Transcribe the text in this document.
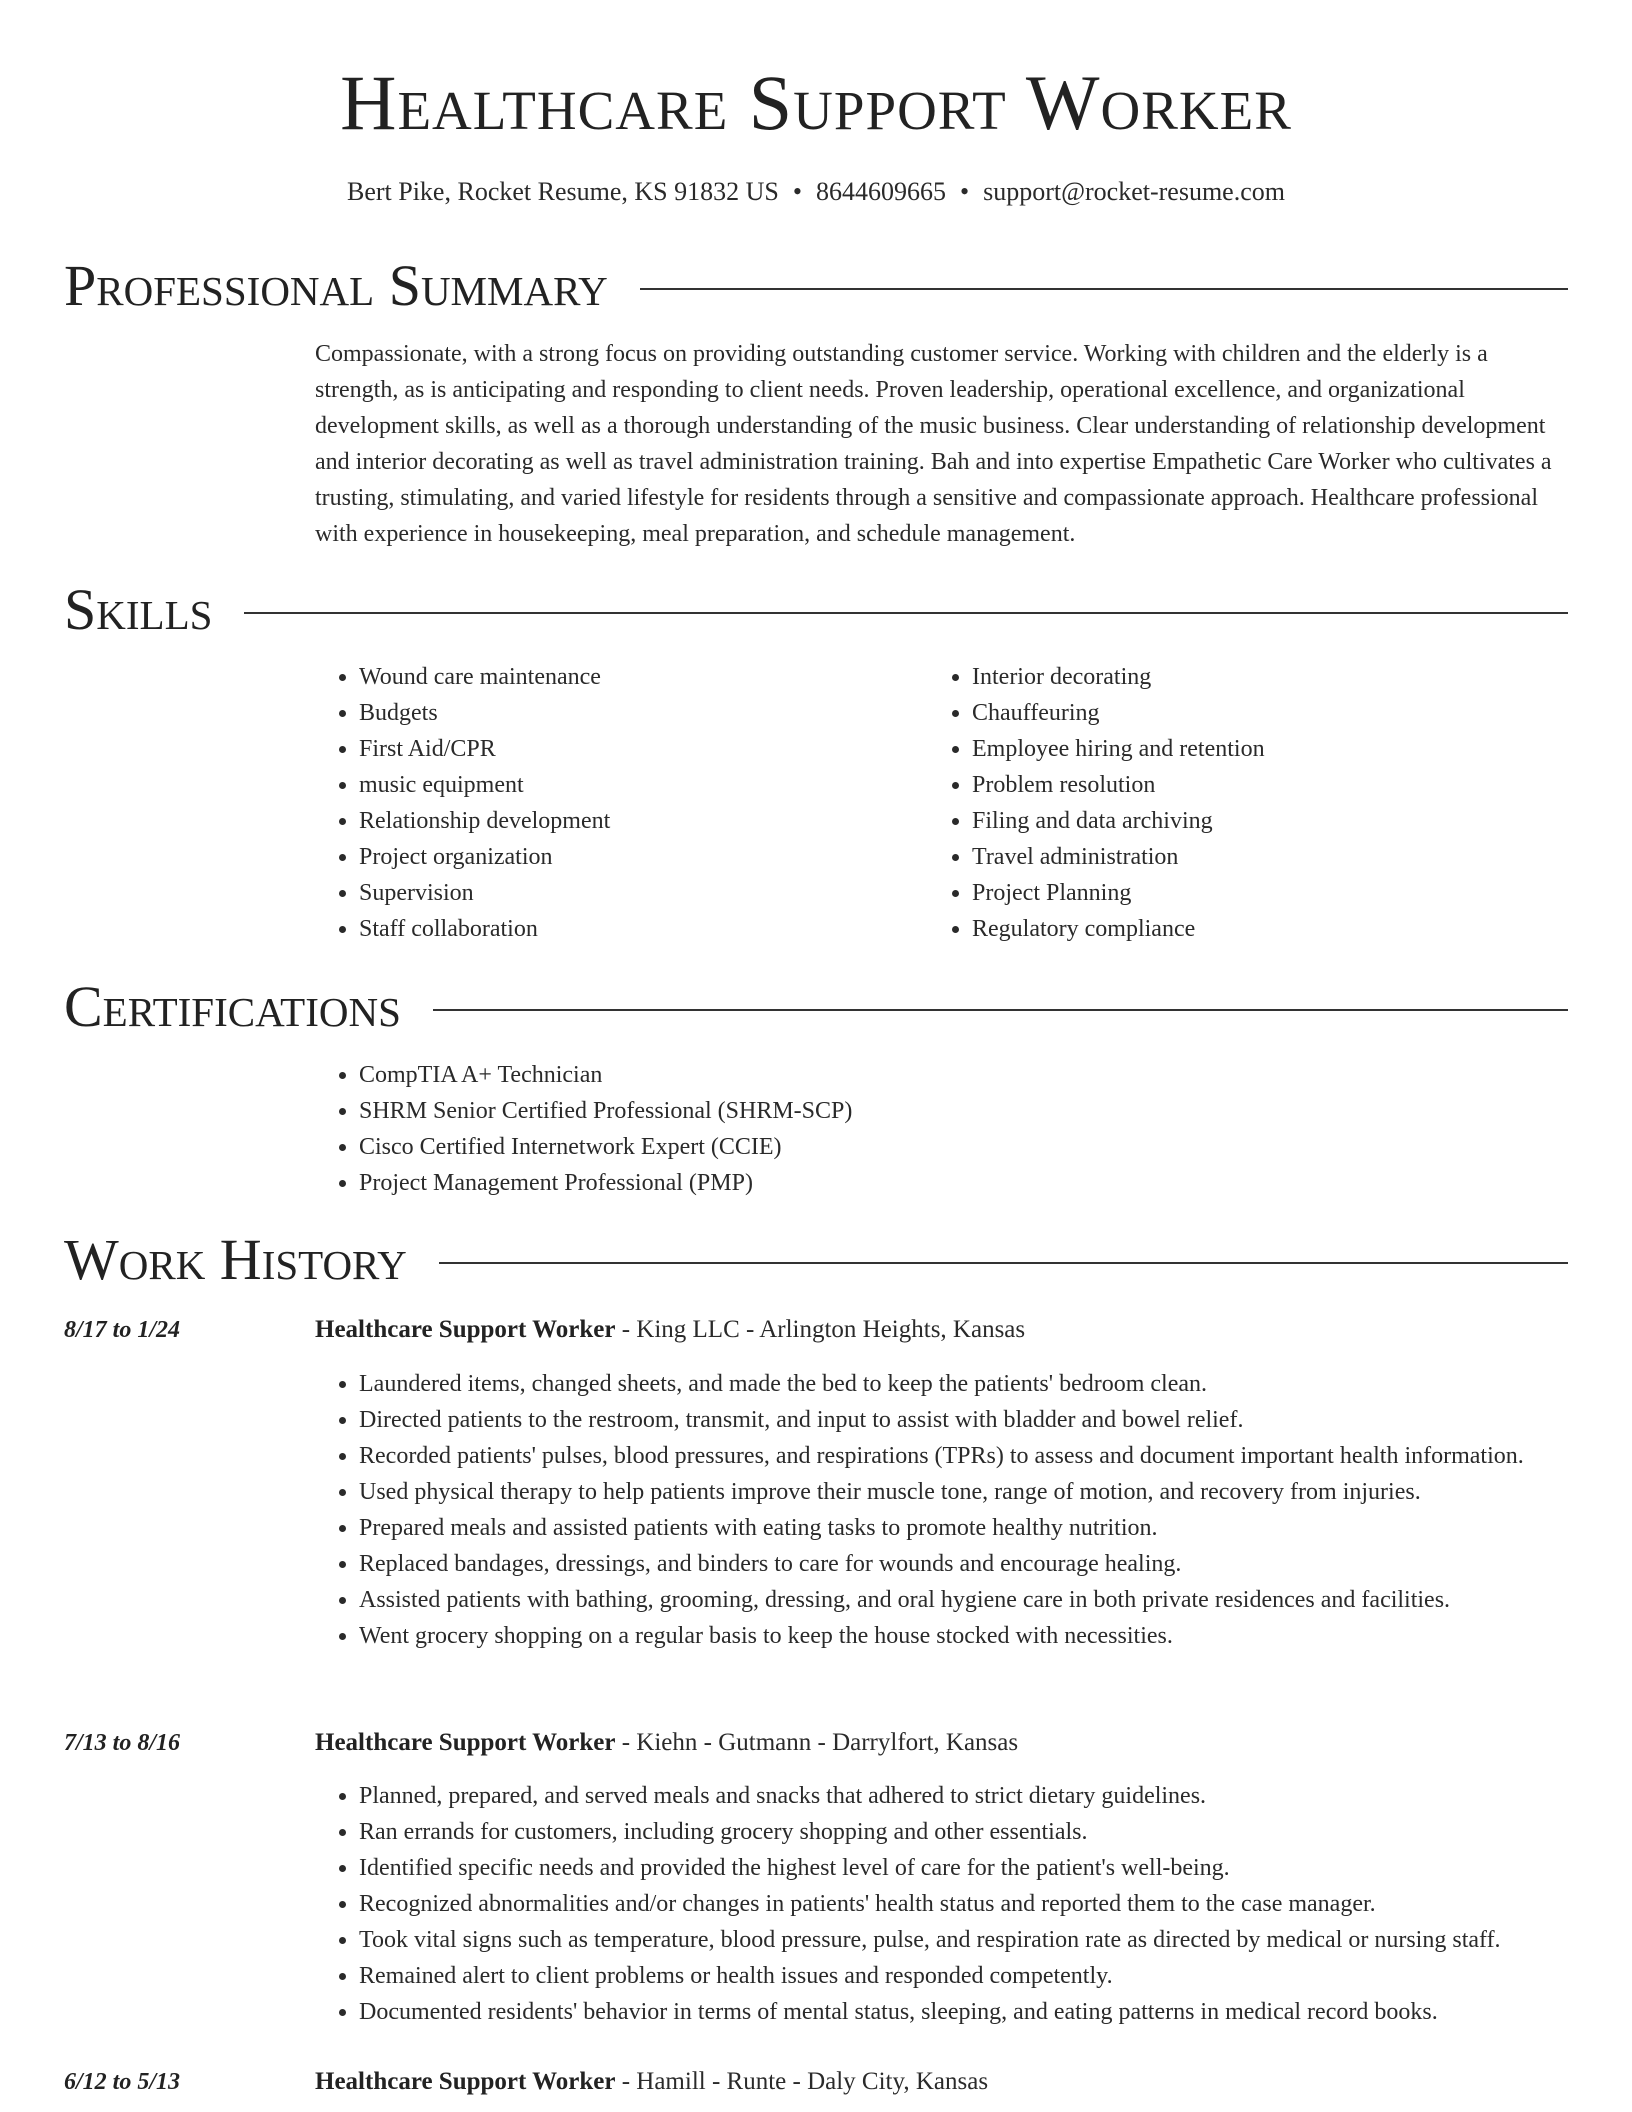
Healthcare Support Worker
Bert Pike, Rocket Resume, KS 91832 US • 8644609665 • support@rocket-resume.com
Professional Summary
Compassionate, with a strong focus on providing outstanding customer service. Working with children and the elderly is a strength, as is anticipating and responding to client needs. Proven leadership, operational excellence, and organizational development skills, as well as a thorough understanding of the music business. Clear understanding of relationship development and interior decorating as well as travel administration training. Bah and into expertise Empathetic Care Worker who cultivates a trusting, stimulating, and varied lifestyle for residents through a sensitive and compassionate approach. Healthcare professional with experience in housekeeping, meal preparation, and schedule management.
Skills
• Wound care maintenance
• Budgets
• First Aid/CPR
• music equipment
• Relationship development
• Project organization
• Supervision
• Staff collaboration
• Interior decorating
• Chauffeuring
• Employee hiring and retention
• Problem resolution
• Filing and data archiving
• Travel administration
• Project Planning
• Regulatory compliance
Certifications
• CompTIA A+ Technician
• SHRM Senior Certified Professional (SHRM-SCP)
• Cisco Certified Internetwork Expert (CCIE)
• Project Management Professional (PMP)
Work History
8/17 to 1/24	Healthcare Support Worker - King LLC - Arlington Heights, Kansas
• Laundered items, changed sheets, and made the bed to keep the patients' bedroom clean.
• Directed patients to the restroom, transmit, and input to assist with bladder and bowel relief.
• Recorded patients' pulses, blood pressures, and respirations (TPRs) to assess and document important health information.
• Used physical therapy to help patients improve their muscle tone, range of motion, and recovery from injuries.
• Prepared meals and assisted patients with eating tasks to promote healthy nutrition.
• Replaced bandages, dressings, and binders to care for wounds and encourage healing.
• Assisted patients with bathing, grooming, dressing, and oral hygiene care in both private residences and facilities.
• Went grocery shopping on a regular basis to keep the house stocked with necessities.
7/13 to 8/16	Healthcare Support Worker - Kiehn - Gutmann - Darrylfort, Kansas
• Planned, prepared, and served meals and snacks that adhered to strict dietary guidelines.
• Ran errands for customers, including grocery shopping and other essentials.
• Identified specific needs and provided the highest level of care for the patient's well-being.
• Recognized abnormalities and/or changes in patients' health status and reported them to the case manager.
• Took vital signs such as temperature, blood pressure, pulse, and respiration rate as directed by medical or nursing staff.
• Remained alert to client problems or health issues and responded competently.
• Documented residents' behavior in terms of mental status, sleeping, and eating patterns in medical record books.
6/12 to 5/13	Healthcare Support Worker - Hamill - Runte - Daly City, Kansas
